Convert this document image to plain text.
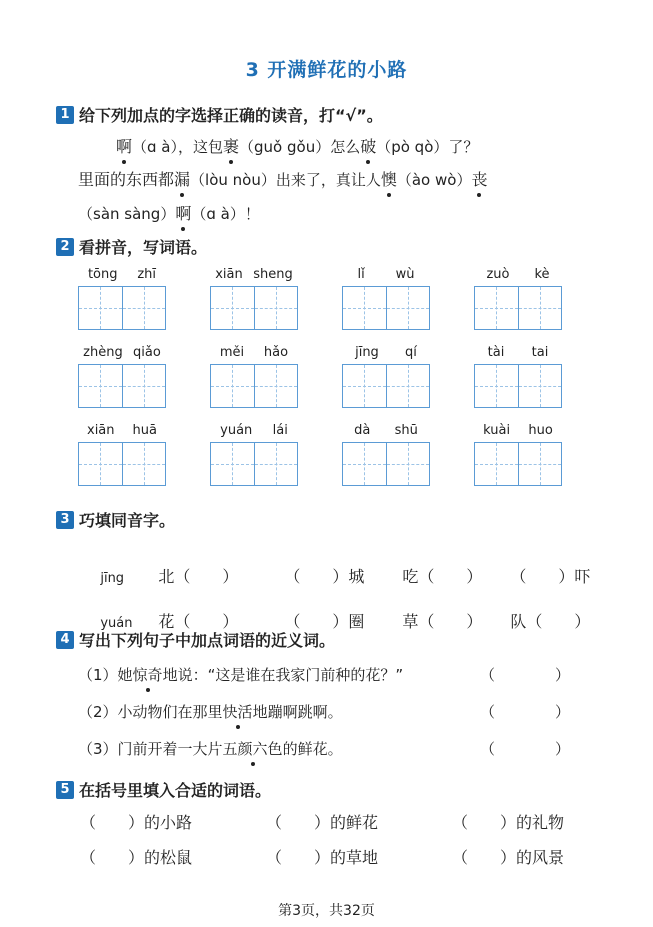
3 开满鲜花的小路
1 给下列加点的字选择正确的读音，打“√”。
啊（ɑ à），这包裹（guǒ gǒu）怎么破（pò qò）了？
里面的东西都漏（lòu nòu）出来了，真让人懊（ào wò）丧
（sàn sàng）啊（ɑ à）！
2 看拼音，写词语。
tōng zhī	xiān sheng	lǐ wù	zuò kè
zhèng qiǎo	měi hǎo	jīng qí	tài tai
xiān huā	yuán lái	dà shū	kuài huo
3 巧填同音字。

jīng 北（　　）	（　　）城 吃（　　） （　　）吓

yuán 花（　　）	（　　）圈 草（　　） 队（　　）

4 写出下列句子中加点词语的近义词。
（1）她惊奇地说：“这是谁在我家门前种的花？”	（　　　　）
（2）小动物们在那里快活地蹦啊跳啊。	（　　　　）
（3）门前开着一大片五颜六色的鲜花。	（　　　　）
5 在括号里填入合适的词语。
（　　）的小路	（　　）的鲜花	（　　）的礼物
（　　）的松鼠	（　　）的草地	（　　）的风景
第3页，共32页
